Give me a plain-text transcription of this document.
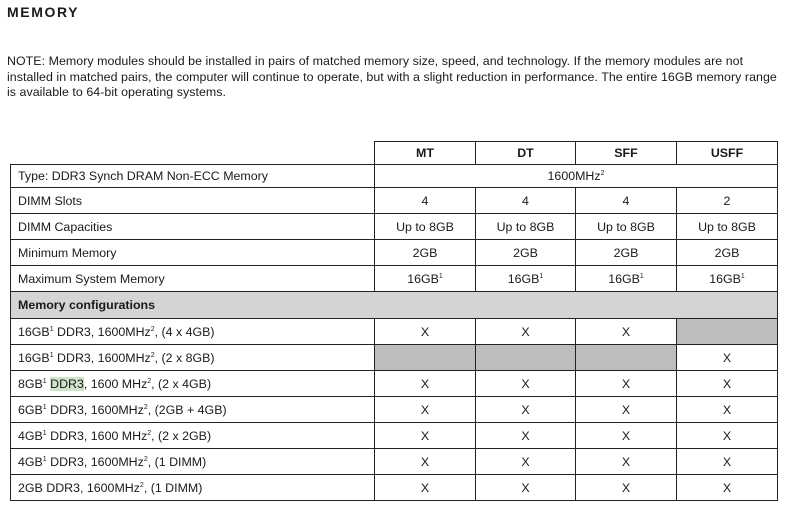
MEMORY
NOTE: Memory modules should be installed in pairs of matched memory size, speed, and technology. If the memory modules are not installed in matched pairs, the computer will continue to operate, but with a slight reduction in performance. The entire 16GB memory range is available to 64-bit operating systems.
	MT	DT	SFF	USFF
Type: DDR3 Synch DRAM Non-ECC Memory	1600MHz$^2$
DIMM Slots	4	4	4	2
DIMM Capacities	Up to 8GB	Up to 8GB	Up to 8GB	Up to 8GB
Minimum Memory	2GB	2GB	2GB	2GB
Maximum System Memory	$16GB^1$	$16GB^1$	$16GB^1$	$16GB^1$
Memory configurations				
$16GB^1$ DDR3, 1600MHz$^2$, (4 x 4GB)	X	X	X	
$16GB^1$ DDR3, 1600MHz$^2$, (2 x 8GB)				X
$8GB^1$ DDR3, 1600 MHz$^2$, (2 x 4GB)	X	X	X	X
$6GB^1$ DDR3, 1600MHz$^2$, (2GB + 4GB)	X	X	X	X
$4GB^1$ DDR3, 1600 MHz$^2$, (2 x 2GB)	X	X	X	X
$4GB^1$ DDR3, 1600MHz$^2$, (1 DIMM)	X	X	X	X
2GB DDR3, 1600MHz$^2$, (1 DIMM)	X	X	X	X
